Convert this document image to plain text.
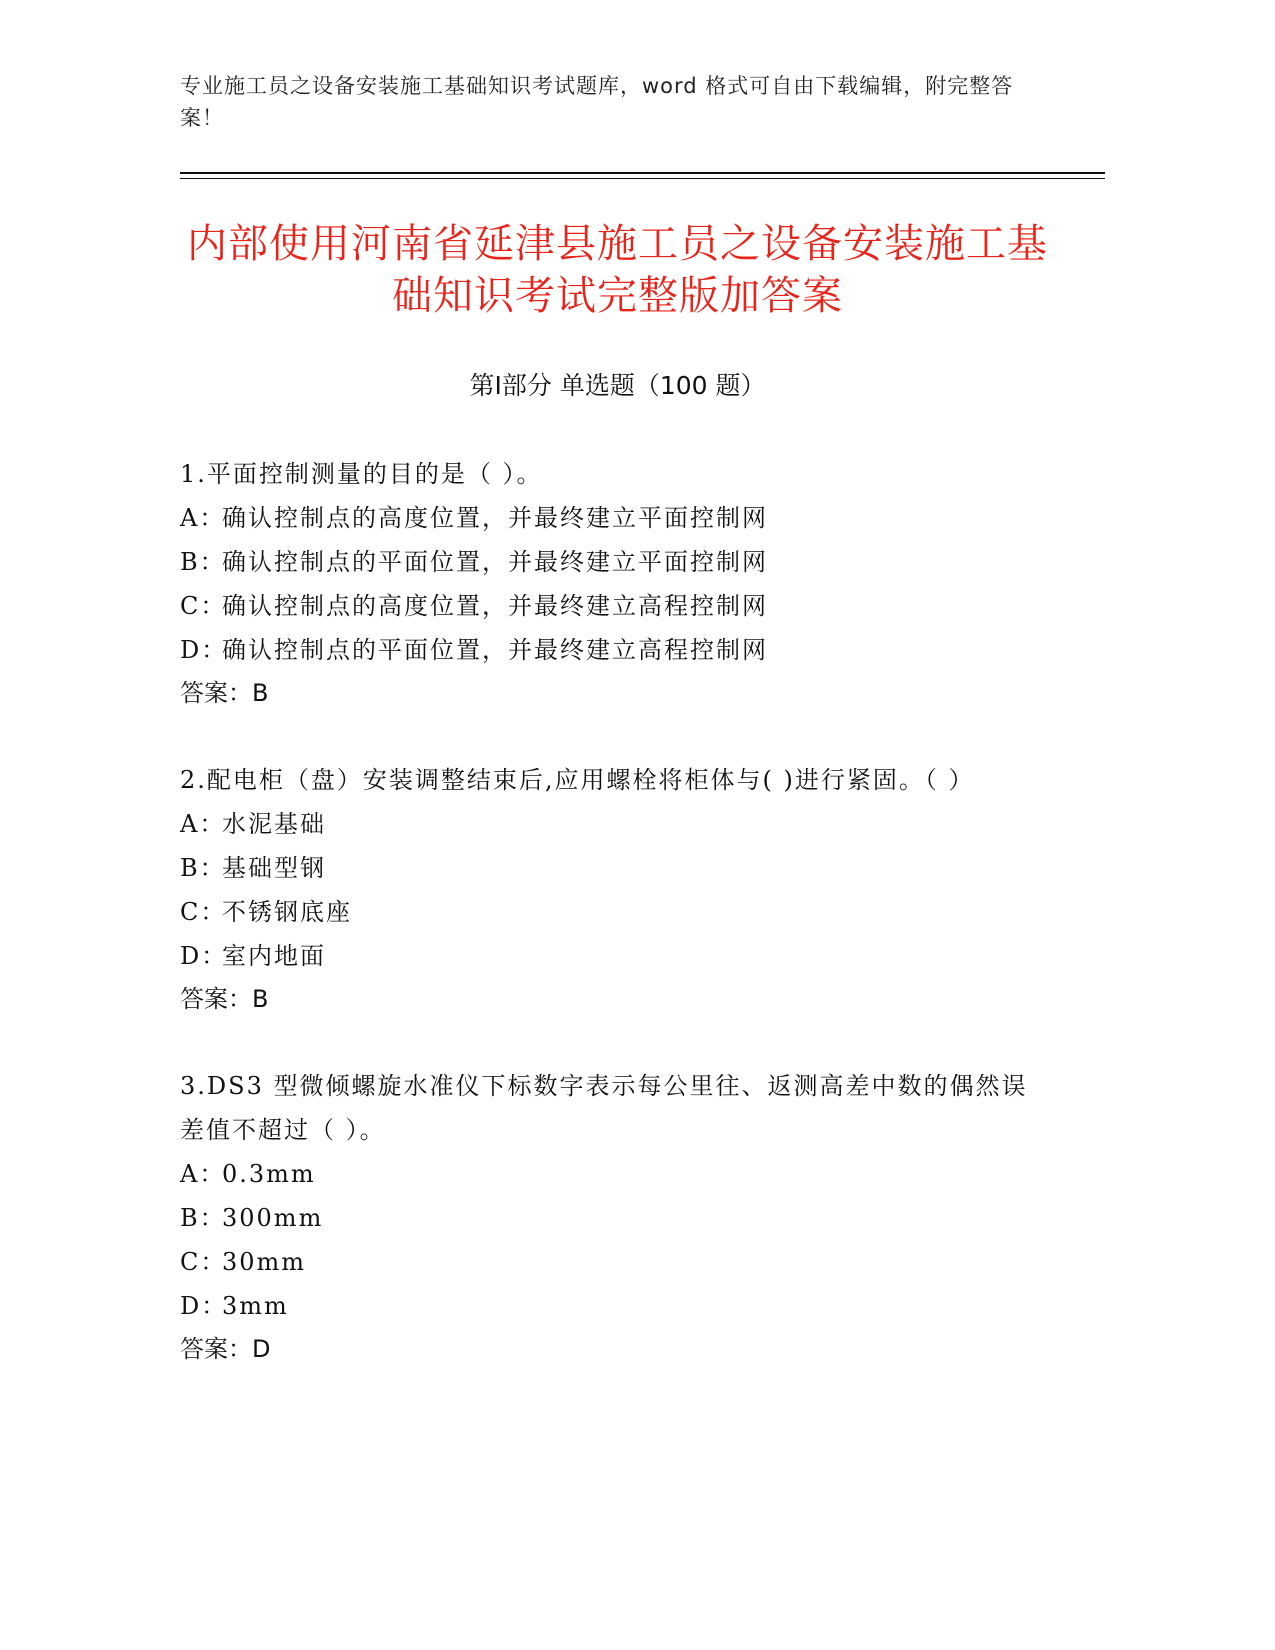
专业施工员之设备安装施工基础知识考试题库，word 格式可自由下载编辑，附完整答案！
内部使用河南省延津县施工员之设备安装施工基础知识考试完整版加答案
第Ⅰ部分 单选题（100 题）

1.平面控制测量的目的是（ ）。

A：确认控制点的高度位置，并最终建立平面控制网

B：确认控制点的平面位置，并最终建立平面控制网

C：确认控制点的高度位置，并最终建立高程控制网

D：确认控制点的平面位置，并最终建立高程控制网

答案：B

2.配电柜（盘）安装调整结束后,应用螺栓将柜体与( )进行紧固。（ ）

A：水泥基础

B：基础型钢

C：不锈钢底座

D：室内地面

答案：B

3.DS3 型微倾螺旋水准仪下标数字表示每公里往、返测高差中数的偶然误差值不超过（ ）。

A：0.3mm

B：300mm

C：30mm

D：3mm

答案：D
